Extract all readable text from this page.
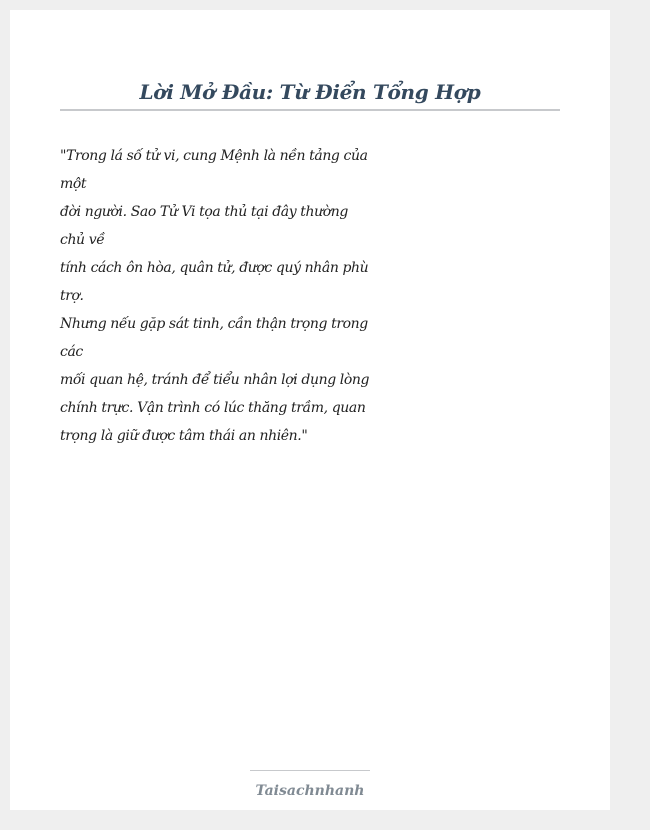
Lời Mở Đầu: Từ Điển Tổng Hợp
"Trong lá số tử vi, cung Mệnh là nền tảng của
một
đời người. Sao Tử Vi tọa thủ tại đây thường
chủ về
tính cách ôn hòa, quân tử, được quý nhân phù
trợ.
Nhưng nếu gặp sát tinh, cần thận trọng trong
các
mối quan hệ, tránh để tiểu nhân lợi dụng lòng
chính trực. Vận trình có lúc thăng trầm, quan
trọng là giữ được tâm thái an nhiên."
Taisachnhanh
